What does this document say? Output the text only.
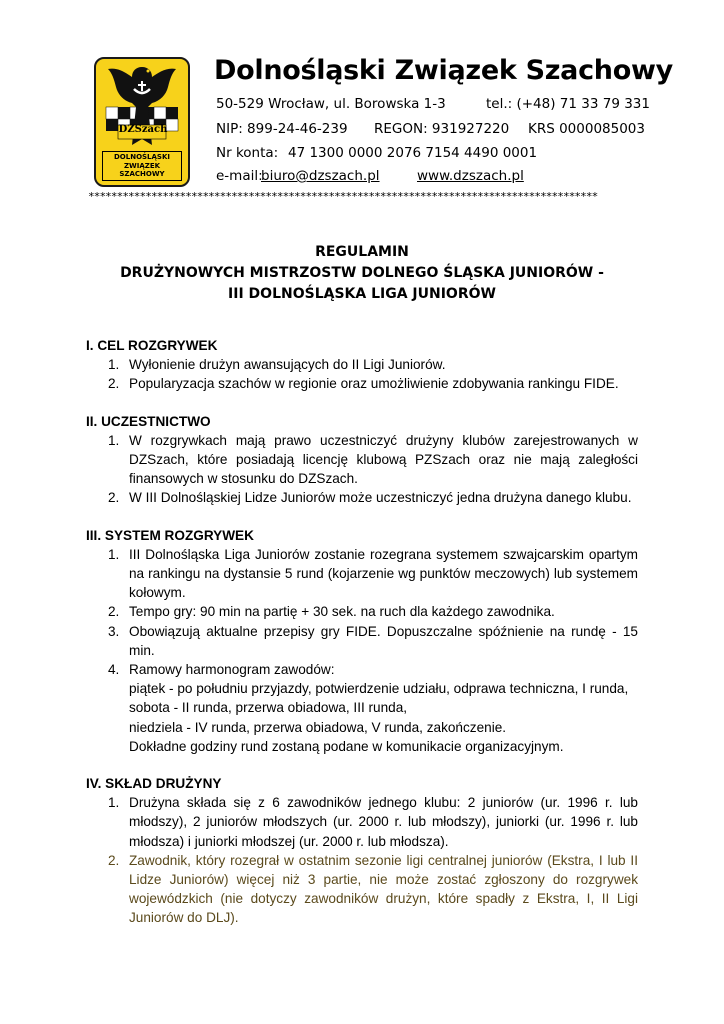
DZSzach
DOLNOŚLĄSKI
ZWIĄZEK
SZACHOWY
Dolnośląski Związek Szachowy
50-529 Wrocław, ul. Borowska 1-3	tel.: (+48) 71 33 79 331
NIP: 899-24-46-239 REGON: 931927220 KRS 0000085003
Nr konta: 47 1300 0000 2076 7154 4490 0001
e-mail:
biuro@dzszach.pl	www.dzszach.pl
*****************************************************************************************
REGULAMIN
DRUŻYNOWYCH MISTRZOSTW DOLNEGO ŚLĄSKA JUNIORÓW -
III DOLNOŚLĄSKA LIGA JUNIORÓW
I. CEL ROZGRYWEK
1. Wyłonienie drużyn awansujących do II Ligi Juniorów.
2. Popularyzacja szachów w regionie oraz umożliwienie zdobywania rankingu FIDE.
II. UCZESTNICTWO
1. W rozgrywkach mają prawo uczestniczyć drużyny klubów zarejestrowanych w DZSzach, które posiadają licencję klubową PZSzach oraz nie mają zaległości finansowych w stosunku do DZSzach.
2. W III Dolnośląskiej Lidze Juniorów może uczestniczyć jedna drużyna danego klubu.
III. SYSTEM ROZGRYWEK
1. III Dolnośląska Liga Juniorów zostanie rozegrana systemem szwajcarskim opartym na rankingu na dystansie 5 rund (kojarzenie wg punktów meczowych) lub systemem kołowym.
2. Tempo gry: 90 min na partię + 30 sek. na ruch dla każdego zawodnika.
3. Obowiązują aktualne przepisy gry FIDE. Dopuszczalne spóźnienie na rundę - 15 min.
4. Ramowy harmonogram zawodów:
piątek - po południu przyjazdy, potwierdzenie udziału, odprawa techniczna, I runda,
sobota - II runda, przerwa obiadowa, III runda,
niedziela - IV runda, przerwa obiadowa, V runda, zakończenie.
Dokładne godziny rund zostaną podane w komunikacie organizacyjnym.
IV. SKŁAD DRUŻYNY
1. Drużyna składa się z 6 zawodników jednego klubu: 2 juniorów (ur. 1996 r. lub młodszy), 2 juniorów młodszych (ur. 2000 r. lub młodszy), juniorki (ur. 1996 r. lub młodsza) i juniorki młodszej (ur. 2000 r. lub młodsza).
2. Zawodnik, który rozegrał w ostatnim sezonie ligi centralnej juniorów (Ekstra, I lub II Lidze Juniorów) więcej niż 3 partie, nie może zostać zgłoszony do rozgrywek wojewódzkich (nie dotyczy zawodników drużyn, które spadły z Ekstra, I, II Ligi Juniorów do DLJ).
